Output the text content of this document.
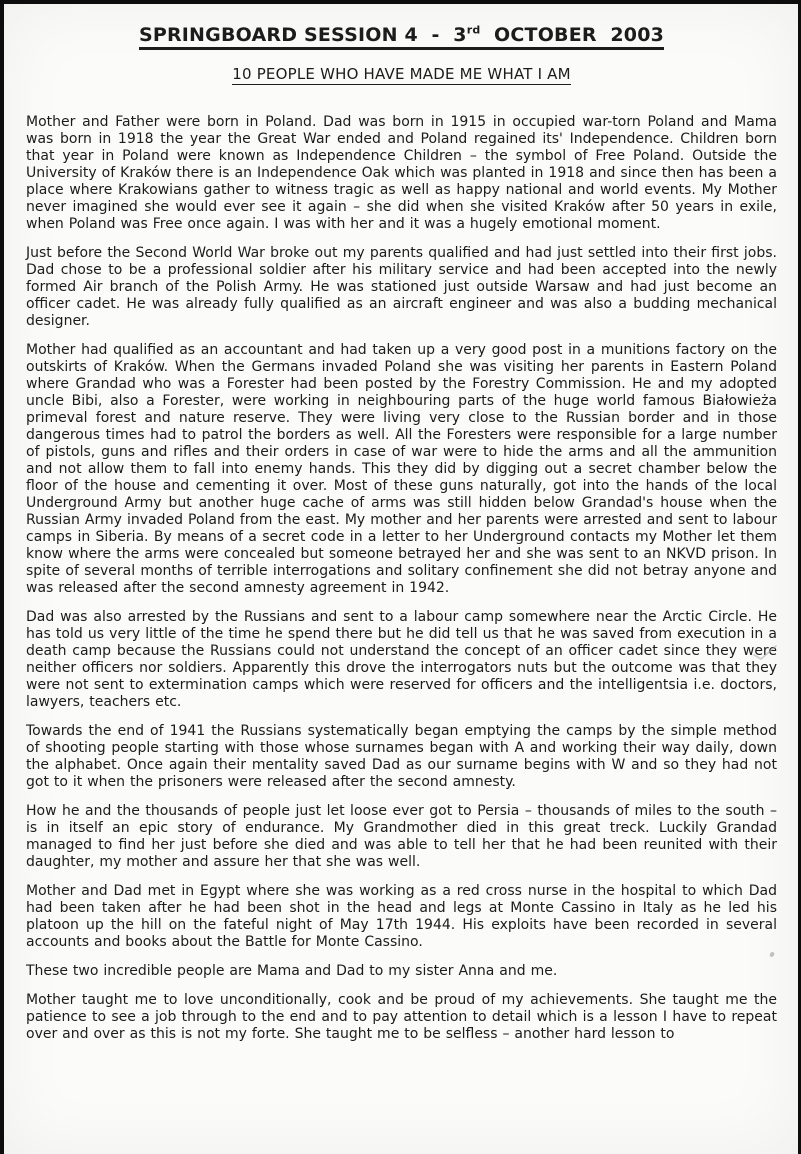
SPRINGBOARD SESSION 4  -  3rd  OCTOBER  2003
10 PEOPLE WHO HAVE MADE ME WHAT I AM

Mother and Father were born in Poland. Dad was born in 1915 in occupied war-torn Poland and Mama was born in 1918 the year the Great War ended and Poland regained its' Independence. Children born that year in Poland were known as Independence Children – the symbol of Free Poland. Outside the University of Kraków there is an Independence Oak which was planted in 1918 and since then has been a place where Krakowians gather to witness tragic as well as happy national and world events. My Mother never imagined she would ever see it again – she did when she visited Kraków after 50 years in exile, when Poland was Free once again. I was with her and it was a hugely emotional moment.

Just before the Second World War broke out my parents qualified and had just settled into their first jobs. Dad chose to be a professional soldier after his military service and had been accepted into the newly formed Air branch of the Polish Army. He was stationed just outside Warsaw and had just become an officer cadet. He was already fully qualified as an aircraft engineer and was also a budding mechanical designer.

Mother had qualified as an accountant and had taken up a very good post in a munitions factory on the outskirts of Kraków. When the Germans invaded Poland she was visiting her parents in Eastern Poland where Grandad who was a Forester had been posted by the Forestry Commission. He and my adopted uncle Bibi, also a Forester, were working in neighbouring parts of the huge world famous Białowieża primeval forest and nature reserve. They were living very close to the Russian border and in those dangerous times had to patrol the borders as well. All the Foresters were responsible for a large number of pistols, guns and rifles and their orders in case of war were to hide the arms and all the ammunition and not allow them to fall into enemy hands. This they did by digging out a secret chamber below the floor of the house and cementing it over. Most of these guns naturally, got into the hands of the local Underground Army but another huge cache of arms was still hidden below Grandad's house when the Russian Army invaded Poland from the east. My mother and her parents were arrested and sent to labour camps in Siberia. By means of a secret code in a letter to her Underground contacts my Mother let them know where the arms were concealed but someone betrayed her and she was sent to an NKVD prison. In spite of several months of terrible interrogations and solitary confinement she did not betray anyone and was released after the second amnesty agreement in 1942.

Dad was also arrested by the Russians and sent to a labour camp somewhere near the Arctic Circle. He has told us very little of the time he spend there but he did tell us that he was saved from execution in a death camp because the Russians could not understand the concept of an officer cadet since they were neither officers nor soldiers. Apparently this drove the interrogators nuts but the outcome was that they were not sent to extermination camps which were reserved for officers and the intelligentsia i.e. doctors, lawyers, teachers etc.

Towards the end of 1941 the Russians systematically began emptying the camps by the simple method of shooting people starting with those whose surnames began with A and working their way daily, down the alphabet. Once again their mentality saved Dad as our surname begins with W and so they had not got to it when the prisoners were released after the second amnesty.

How he and the thousands of people just let loose ever got to Persia – thousands of miles to the south – is in itself an epic story of endurance. My Grandmother died in this great treck. Luckily Grandad managed to find her just before she died and was able to tell her that he had been reunited with their daughter, my mother and assure her that she was well.

Mother and Dad met in Egypt where she was working as a red cross nurse in the hospital to which Dad had been taken after he had been shot in the head and legs at Monte Cassino in Italy as he led his platoon up the hill on the fateful night of May 17th 1944. His exploits have been recorded in several accounts and books about the Battle for Monte Cassino.

These two incredible people are Mama and Dad to my sister Anna and me.

Mother taught me to love unconditionally, cook and be proud of my achievements. She taught me the patience to see a job through to the end and to pay attention to detail which is a lesson I have to repeat over and over as this is not my forte. She taught me to be selfless – another hard lesson to
